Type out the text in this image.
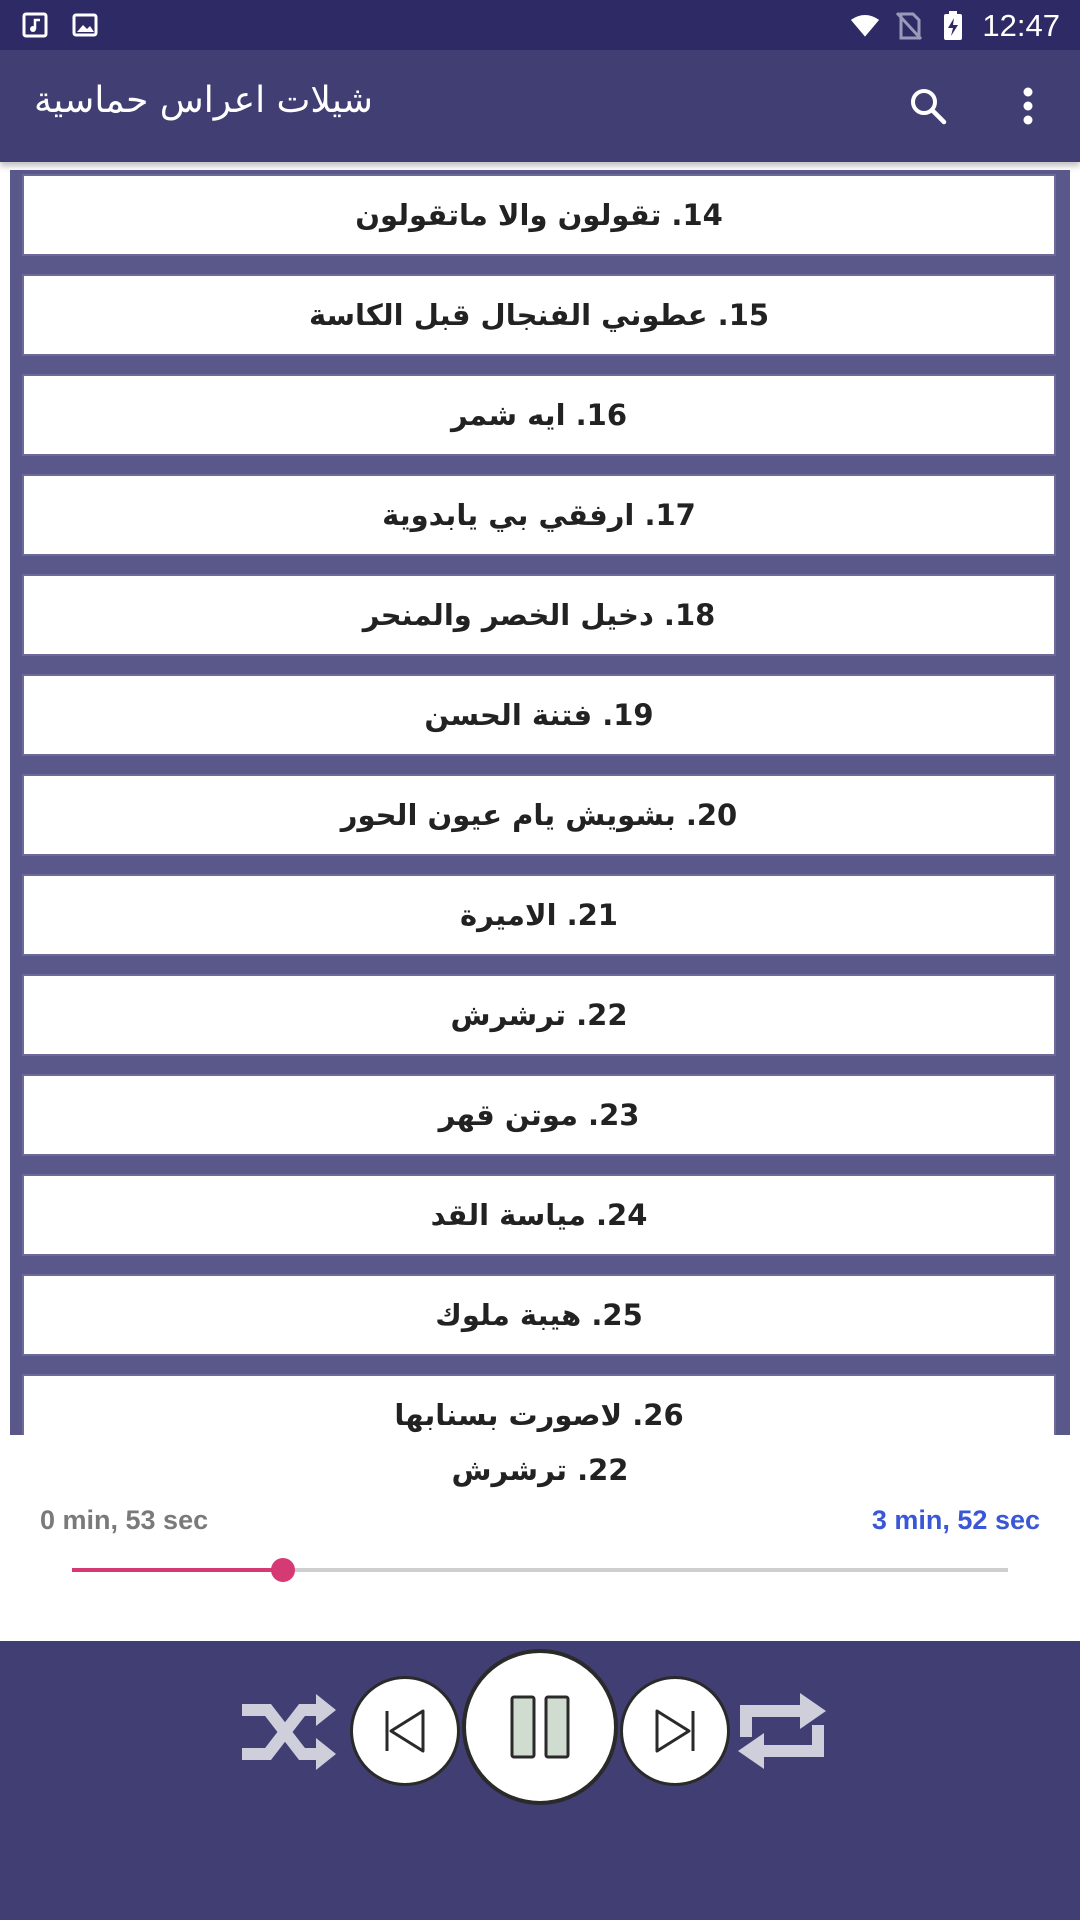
12:47
شيلات اعراس حماسية
14. تقولون والا ماتقولون
15. عطوني الفنجال قبل الكاسة
16. ايه شمر
17. ارفقي بي يابدوية
18. دخيل الخصر والمنحر
19. فتنة الحسن
20. بشويش يا‌م عيون الحور
21. الاميرة
22. ترشرش
23. موتن قهر
24. مياسة القد
25. هيبة ملوك
26. لاصورت بسنابها
22. ترشرش
0 min, 53 sec	3 min, 52 sec
